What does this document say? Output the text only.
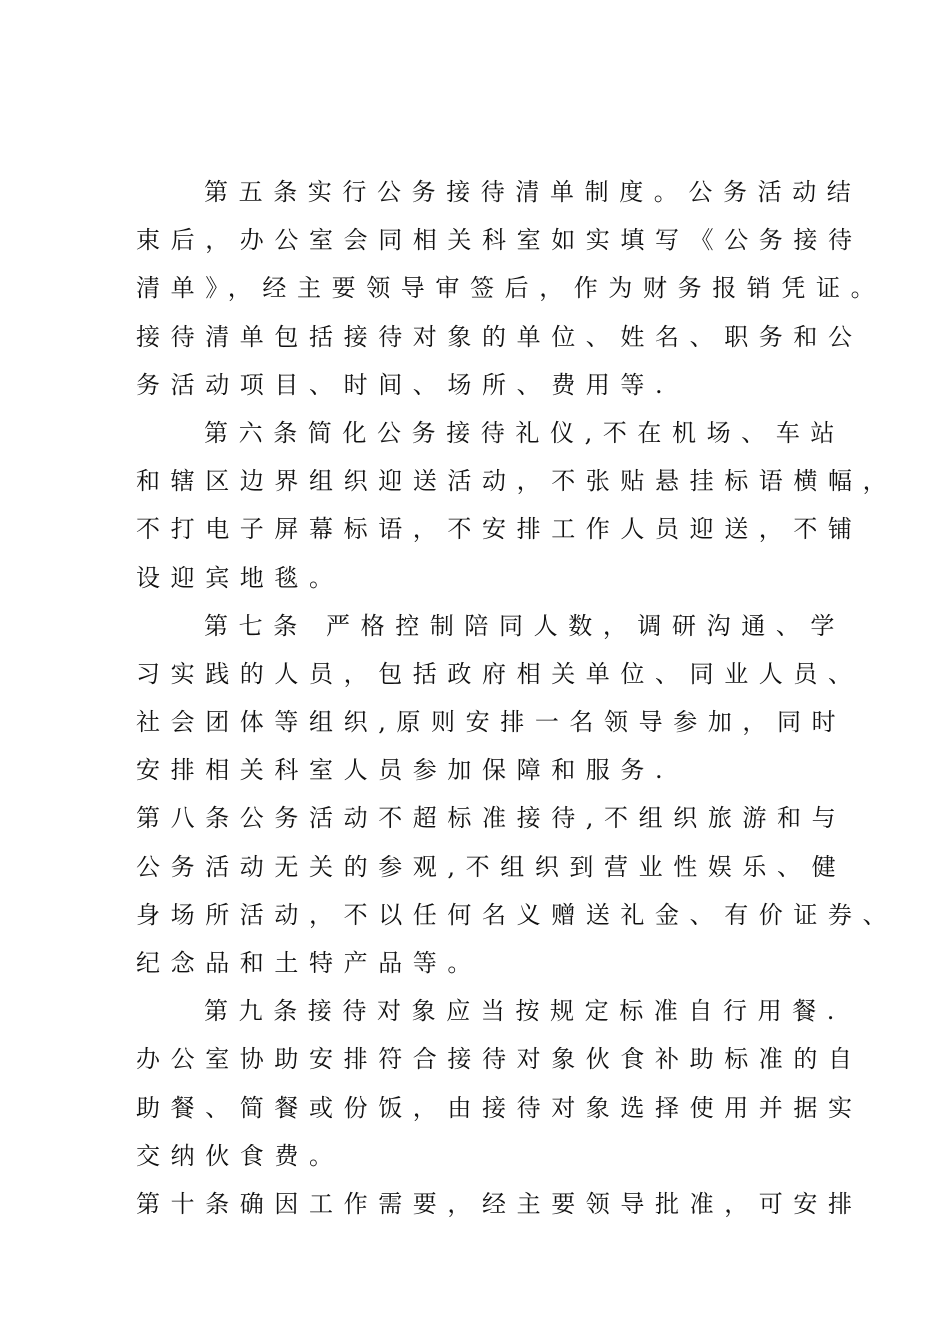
第五条实行公务接待清单制度。公务活动结
束后，办公室会同相关科室如实填写《公务接待
清单》，经主要领导审签后，作为财务报销凭证。
接待清单包括接待对象的单位、姓名、职务和公
务活动项目、时间、场所、费用等.
第六条简化公务接待礼仪,不在机场、车站
和辖区边界组织迎送活动，不张贴悬挂标语横幅，
不打电子屏幕标语，不安排工作人员迎送，不铺
设迎宾地毯。
第七条 严格控制陪同人数，调研沟通、学
习实践的人员，包括政府相关单位、同业人员、
社会团体等组织,原则安排一名领导参加，同时
安排相关科室人员参加保障和服务.
第八条公务活动不超标准接待,不组织旅游和与
公务活动无关的参观,不组织到营业性娱乐、健
身场所活动，不以任何名义赠送礼金、有价证券、
纪念品和土特产品等。
第九条接待对象应当按规定标准自行用餐.
办公室协助安排符合接待对象伙食补助标准的自
助餐、简餐或份饭，由接待对象选择使用并据实
交纳伙食费。
第十条确因工作需要，经主要领导批准，可安排
